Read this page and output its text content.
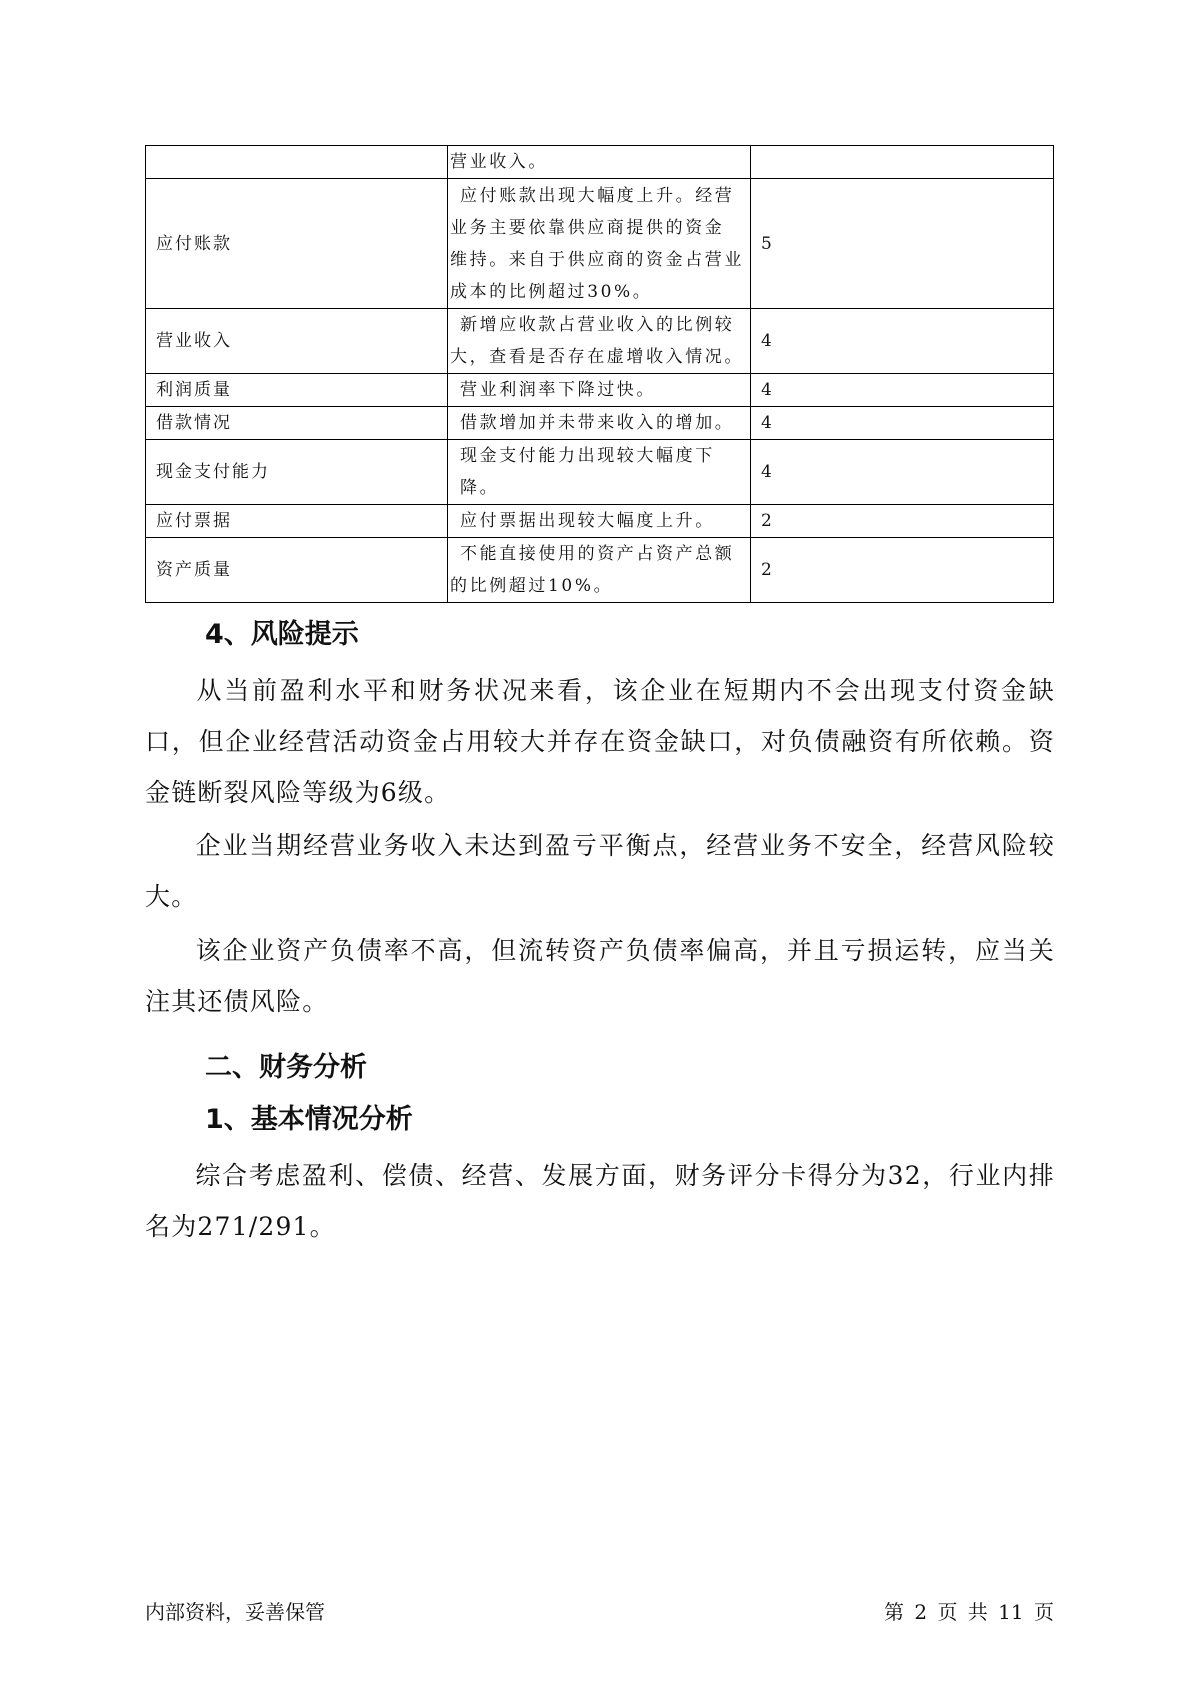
	营业收入。	

应付账款	应付账款出现大幅度上升。经营
业务主要依靠供应商提供的资金
维持。来自于供应商的资金占营业
成本的比例超过30%。	5
营业收入	新增应收款占营业收入的比例较
大，查看是否存在虚增收入情况。	4
利润质量	营业利润率下降过快。	4
借款情况	借款增加并未带来收入的增加。	4
现金支付能力	现金支付能力出现较大幅度下降。	4
应付票据	应付票据出现较大幅度上升。	2
资产质量	不能直接使用的资产占资产总额
的比例超过10%。	2
4、风险提示

从当前盈利水平和财务状况来看，该企业在短期内不会出现支付资金缺口，但企业经营活动资金占用较大并存在资金缺口，对负债融资有所依赖。资金链断裂风险等级为6级。

企业当期经营业务收入未达到盈亏平衡点，经营业务不安全，经营风险较大。

该企业资产负债率不高，但流转资产负债率偏高，并且亏损运转，应当关注其还债风险。

二、财务分析
1、基本情况分析

综合考虑盈利、偿债、经营、发展方面，财务评分卡得分为32，行业内排名为271/291。

内部资料，妥善保管	第 2 页 共 11 页
